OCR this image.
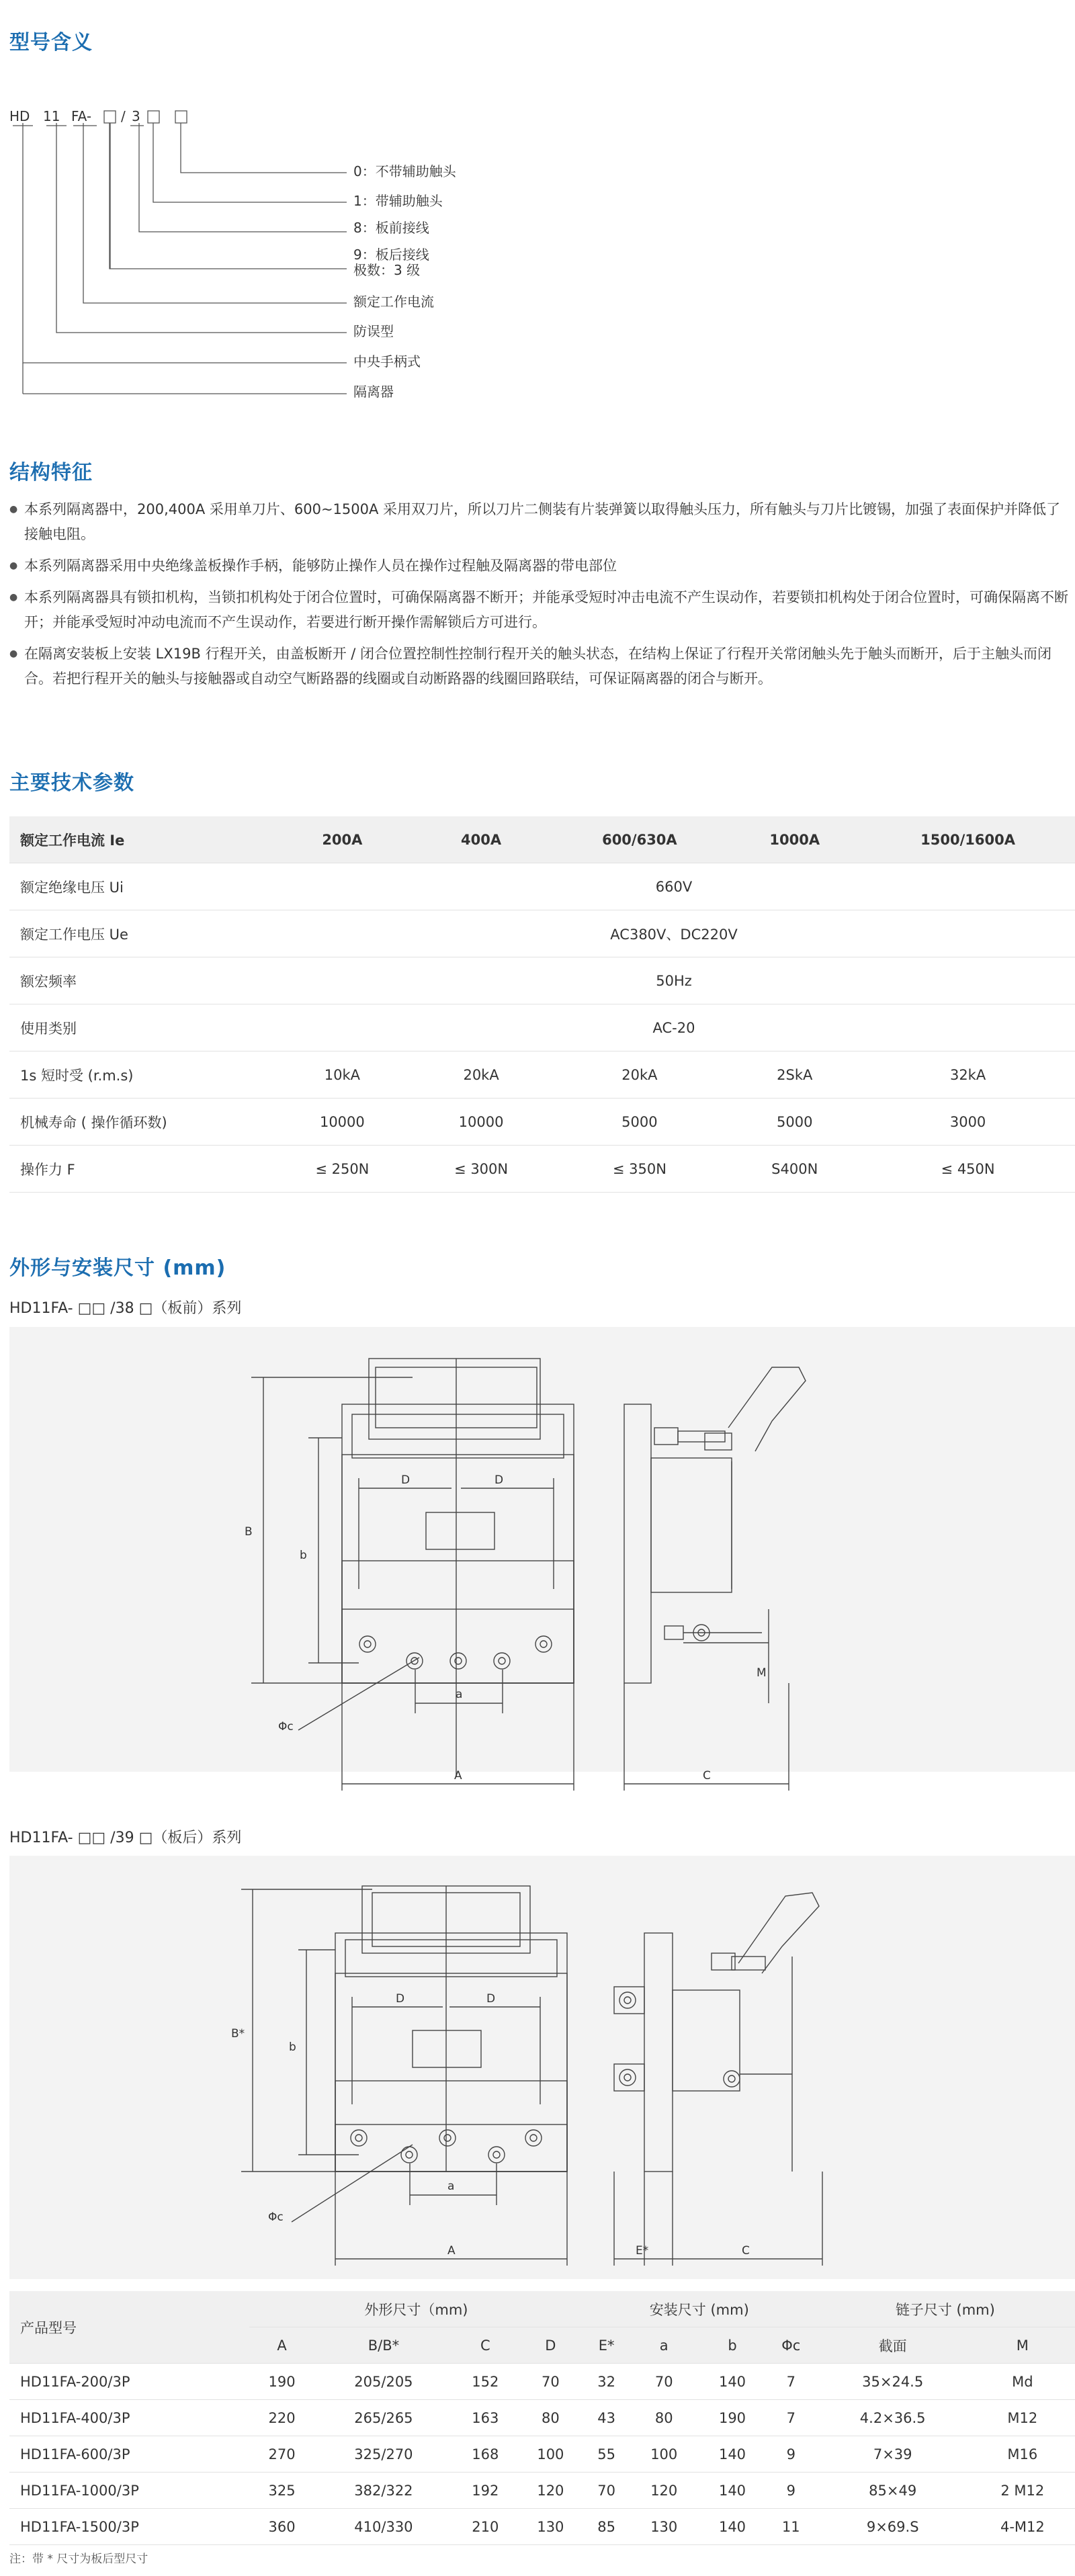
型号含义
HD 11 FA- / 3
0：不带辅助触头
1：带辅助触头
8：板前接线
9：板后接线
极数：3 级
额定工作电流
防误型
中央手柄式
隔离器
结构特征

● 本系列隔离器中，200,400A 采用单刀片、600~1500A 采用双刀片，所以刀片二侧装有片装弹簧以取得触头压力，所有触头与刀片比镀锡，加强了表面保护并降低了接触电阻。

● 本系列隔离器采用中央绝缘盖板操作手柄，能够防止操作人员在操作过程触及隔离器的带电部位

● 本系列隔离器具有锁扣机构，当锁扣机构处于闭合位置时，可确保隔离器不断开；并能承受短时冲击电流不产生误动作，若要锁扣机构处于闭合位置时，可确保隔离不断开；并能承受短时冲动电流而不产生误动作，若要进行断开操作需解锁后方可进行。

● 在隔离安装板上安装 LX19B 行程开关，由盖板断开 / 闭合位置控制性控制行程开关的触头状态，在结构上保证了行程开关常闭触头先于触头而断开，后于主触头而闭合。若把行程开关的触头与接触器或自动空气断路器的线圈或自动断路器的线圈回路联结，可保证隔离器的闭合与断开。

主要技术参数
额定工作电流 Ie	200A	400A	600/630A	1000A	1500/1600A
额定绝缘电压 Ui	660V				
额定工作电压 Ue	AC380V、DC220V				
额宏频率	50Hz				
使用类别	AC-20				
1s 短时受 (r.m.s)	10kA	20kA	20kA	2SkA	32kA
机械寿命 ( 操作循环数)	10000	10000	5000	5000	3000
操作力 F	≤ 250N	≤ 300N	≤ 350N	S400N	≤ 450N
外形与安装尺寸 (mm)
HD11FA- □□ /38 □（板前）系列
B
b
D	D
Φc
a
A	C
M
HD11FA- □□ /39 □（板后）系列
B*
b
D	D
Φc
a
A	E*	C
产品型号	外形尺寸（mm)				安装尺寸 (mm)				链子尺寸 (mm)	
	A	B/B*	C	D	E*	a	b	Φc	截面	M
HD11FA-200/3P	190	205/205	152	70	32	70	140	7	35×24.5	Md
HD11FA-400/3P	220	265/265	163	80	43	80	190	7	4.2×36.5	M12
HD11FA-600/3P	270	325/270	168	100	55	100	140	9	7×39	M16
HD11FA-1000/3P	325	382/322	192	120	70	120	140	9	85×49	2 M12
HD11FA-1500/3P	360	410/330	210	130	85	130	140	11	9×69.S	4-M12
注：带 * 尺寸为板后型尺寸
